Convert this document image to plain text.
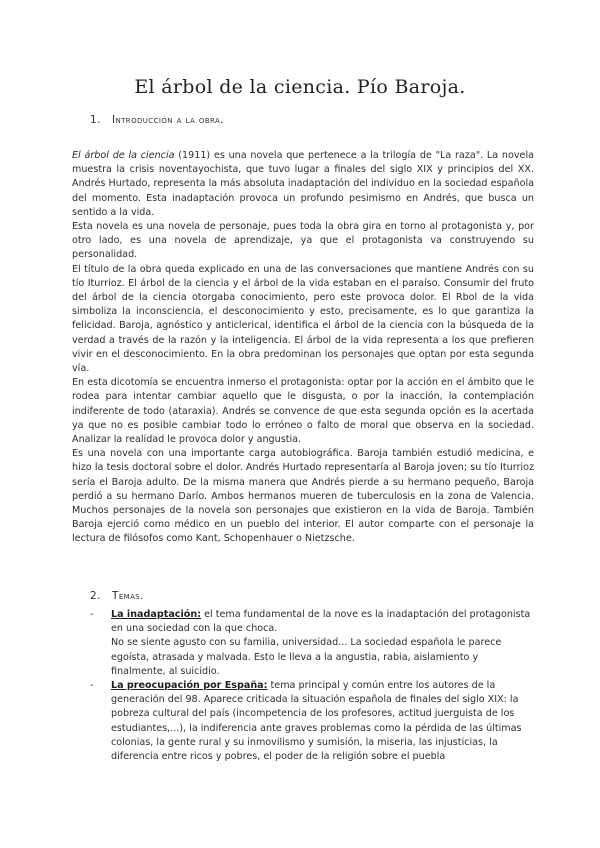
El árbol de la ciencia. Pío Baroja.
1. Introducción a la obra.

El árbol de la ciencia (1911) es una novela que pertenece a la trilogía de "La raza". La novela muestra la crisis noventayochista, que tuvo lugar a finales del siglo XIX y principios del XX. Andrés Hurtado, representa la más absoluta inadaptación del individuo en la sociedad española del momento. Esta inadaptación provoca un profundo pesimismo en Andrés, que busca un sentido a la vida.

Esta novela es una novela de personaje, pues toda la obra gira en torno al protagonista y, por otro lado, es una novela de aprendizaje, ya que el protagonista va construyendo su personalidad.

El título de la obra queda explicado en una de las conversaciones que mantiene Andrés con su tío Iturrioz. El árbol de la ciencia y el árbol de la vida estaban en el paraíso. Consumir del fruto del árbol de la ciencia otorgaba conocimiento, pero este provoca dolor. El Rbol de la vida simboliza la inconsciencia, el desconocimiento y esto, precisamente, es lo que garantiza la felicidad. Baroja, agnóstico y anticlerical, identifica el árbol de la ciencia con la búsqueda de la verdad a través de la razón y la inteligencia. El árbol de la vida representa a los que prefieren vivir en el desconocimiento. En la obra predominan los personajes que optan por esta segunda vía.

En esta dicotomía se encuentra inmerso el protagonista: optar por la acción en el ámbito que le rodea para intentar cambiar aquello que le disgusta, o por la inacción, la contemplación indiferente de todo (ataraxia). Andrés se convence de que esta segunda opción es la acertada ya que no es posible cambiar todo lo erróneo o falto de moral que observa en la sociedad. Analizar la realidad le provoca dolor y angustia.

Es una novela con una importante carga autobiográfica. Baroja también estudió medicina, e hizo la tesis doctoral sobre el dolor. Andrés Hurtado representaría al Baroja joven; su tío Iturrioz sería el Baroja adulto. De la misma manera que Andrés pierde a su hermano pequeño, Baroja perdió a su hermano Darío. Ambos hermanos mueren de tuberculosis en la zona de Valencia. Muchos personajes de la novela son personajes que existieron en la vida de Baroja. También Baroja ejerció como médico en un pueblo del interior. El autor comparte con el personaje la lectura de filósofos como Kant, Schopenhauer o Nietzsche.

2. Temas.
- La inadaptación: el tema fundamental de la nove es la inadaptación del protagonista en una sociedad con la que choca.

No se siente agusto con su familia, universidad... La sociedad española le parece egoísta, atrasada y malvada. Esto le lleva a la angustia, rabia, aislamiento y finalmente, al suicidio.

- La preocupación por España: tema principal y común entre los autores de la generación del 98. Aparece criticada la situación española de finales del siglo XIX: la pobreza cultural del país (incompetencia de los profesores, actitud juerguista de los estudiantes,...), la indiferencia ante graves problemas como la pérdida de las últimas colonias, la gente rural y su inmovilismo y sumisión, la miseria, las injusticias, la diferencia entre ricos y pobres, el poder de la religión sobre el puebla
